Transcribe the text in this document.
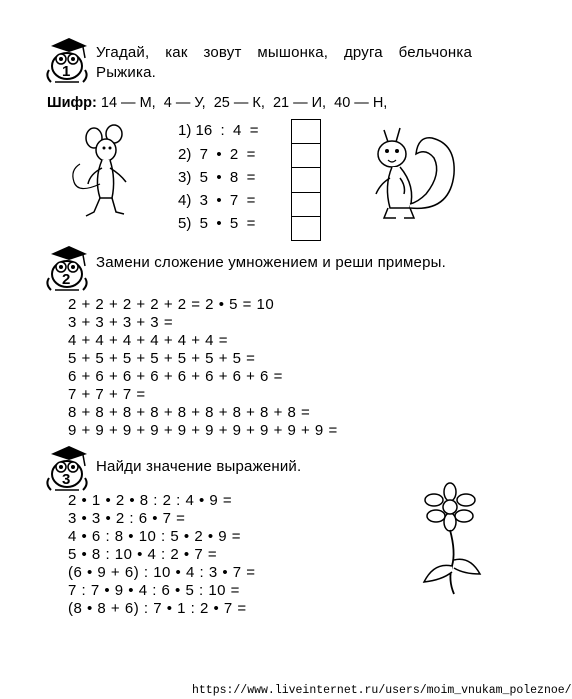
1
Угадай, как зовут мышонка, друга бельчонка Рыжика.
Шифр: 14 — М,  4 — У,  25 — К,  21 — И,  40 — Н,
1) 16  :  4  =
2)  7  •  2  =
3)  5  •  8  =
4)  3  •  7  =
5)  5  •  5  =
2
Замени сложение умножением и реши примеры.
2 + 2 + 2 + 2 + 2 = 2 • 5 = 10
3 + 3 + 3 + 3 =
4 + 4 + 4 + 4 + 4 + 4 =
5 + 5 + 5 + 5 + 5 + 5 + 5 =
6 + 6 + 6 + 6 + 6 + 6 + 6 + 6 =
7 + 7 + 7 =
8 + 8 + 8 + 8 + 8 + 8 + 8 + 8 + 8 =
9 + 9 + 9 + 9 + 9 + 9 + 9 + 9 + 9 + 9 =
3
Найди значение выражений.
2 • 1 • 2 • 8 : 2 : 4 • 9 =
3 • 3 • 2 : 6 • 7 =
4 • 6 : 8 • 10 : 5 • 2 • 9 =
5 • 8 : 10 • 4 : 2 • 7 =
(6 • 9 + 6) : 10 • 4 : 3 • 7 =
7 : 7 • 9 • 4 : 6 • 5 : 10 =
(8 • 8 + 6) : 7 • 1 : 2 • 7 =
https://www.liveinternet.ru/users/moim_vnukam_poleznoe/
